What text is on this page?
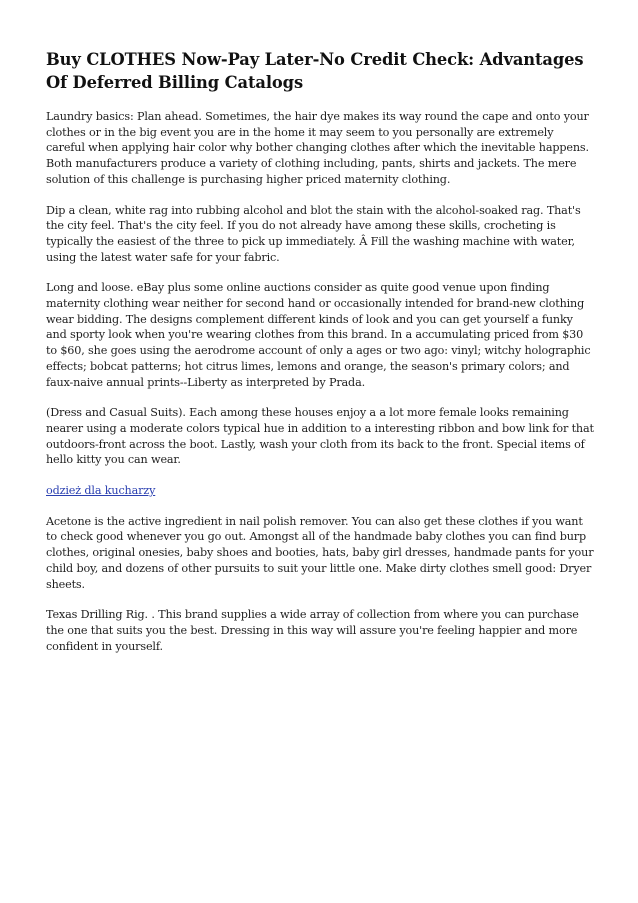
Buy CLOTHES Now-Pay Later-No Credit Check: Advantages Of Deferred Billing Catalogs

Laundry basics: Plan ahead. Sometimes, the hair dye makes its way round the cape and onto your clothes or in the big event you are in the home it may seem to you personally are extremely careful when applying hair color why bother changing clothes after which the inevitable happens. Both manufacturers produce a variety of clothing including, pants, shirts and jackets. The mere solution of this challenge is purchasing higher priced maternity clothing.

Dip a clean, white rag into rubbing alcohol and blot the stain with the alcohol-soaked rag. That's the city feel. That's the city feel. If you do not already have among these skills, crocheting is typically the easiest of the three to pick up immediately. Â Fill the washing machine with water, using the latest water safe for your fabric.

Long and loose. eBay plus some online auctions consider as quite good venue upon finding maternity clothing wear neither for second hand or occasionally intended for brand-new clothing wear bidding. The designs complement different kinds of look and you can get yourself a funky and sporty look when you're wearing clothes from this brand. In a accumulating priced from $30 to $60, she goes using the aerodrome account of only a ages or two ago: vinyl; witchy holographic effects; bobcat patterns; hot citrus limes, lemons and orange, the season's primary colors; and faux-naive annual prints--Liberty as interpreted by Prada.

(Dress and Casual Suits). Each among these houses enjoy a a lot more female looks remaining nearer using a moderate colors typical hue in addition to a interesting ribbon and bow link for that outdoors-front across the boot. Lastly, wash your cloth from its back to the front. Special items of hello kitty you can wear.

odzież dla kucharzy

Acetone is the active ingredient in nail polish remover. You can also get these clothes if you want to check good whenever you go out. Amongst all of the handmade baby clothes you can find burp clothes, original onesies, baby shoes and booties, hats, baby girl dresses, handmade pants for your child boy, and dozens of other pursuits to suit your little one. Make dirty clothes smell good: Dryer sheets.

Texas Drilling Rig. . This brand supplies a wide array of collection from where you can purchase the one that suits you the best. Dressing in this way will assure you're feeling happier and more confident in yourself.
